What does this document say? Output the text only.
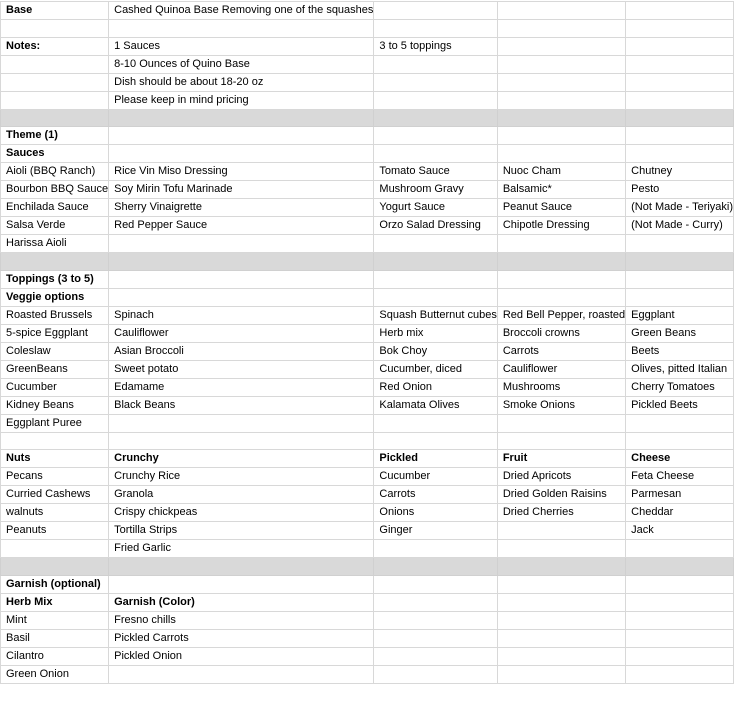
Base	Cashed Quinoa Base Removing one of the squashes			

Notes:	1 Sauces	3 to 5 toppings		
	8-10 Ounces of Quino Base			
	Dish should be about 18-20 oz			
	Please keep in mind pricing			

Theme (1)				
Sauces				
Aioli (BBQ Ranch)	Rice Vin Miso Dressing	Tomato Sauce	Nuoc Cham	Chutney
Bourbon BBQ Sauce	Soy Mirin Tofu Marinade	Mushroom Gravy	Balsamic*	Pesto
Enchilada Sauce	Sherry Vinaigrette	Yogurt Sauce	Peanut Sauce	(Not Made - Teriyaki)
Salsa Verde	Red Pepper Sauce	Orzo Salad Dressing	Chipotle Dressing	(Not Made - Curry)
Harissa Aioli				

Toppings (3 to 5)				
Veggie options				
Roasted Brussels	Spinach	Squash Butternut cubes	Red Bell Pepper, roasted	Eggplant
5-spice Eggplant	Cauliflower	Herb mix	Broccoli crowns	Green Beans
Coleslaw	Asian Broccoli	Bok Choy	Carrots	Beets
GreenBeans	Sweet potato	Cucumber, diced	Cauliflower	Olives, pitted Italian
Cucumber	Edamame	Red Onion	Mushrooms	Cherry Tomatoes
Kidney Beans	Black Beans	Kalamata Olives	Smoke Onions	Pickled Beets
Eggplant Puree				

Nuts	Crunchy	Pickled	Fruit	Cheese
Pecans	Crunchy Rice	Cucumber	Dried Apricots	Feta Cheese
Curried Cashews	Granola	Carrots	Dried Golden Raisins	Parmesan
walnuts	Crispy chickpeas	Onions	Dried Cherries	Cheddar
Peanuts	Tortilla Strips	Ginger		Jack
	Fried Garlic			

Garnish (optional)				
Herb Mix	Garnish (Color)			
Mint	Fresno chills			
Basil	Pickled Carrots			
Cilantro	Pickled Onion			
Green Onion				
